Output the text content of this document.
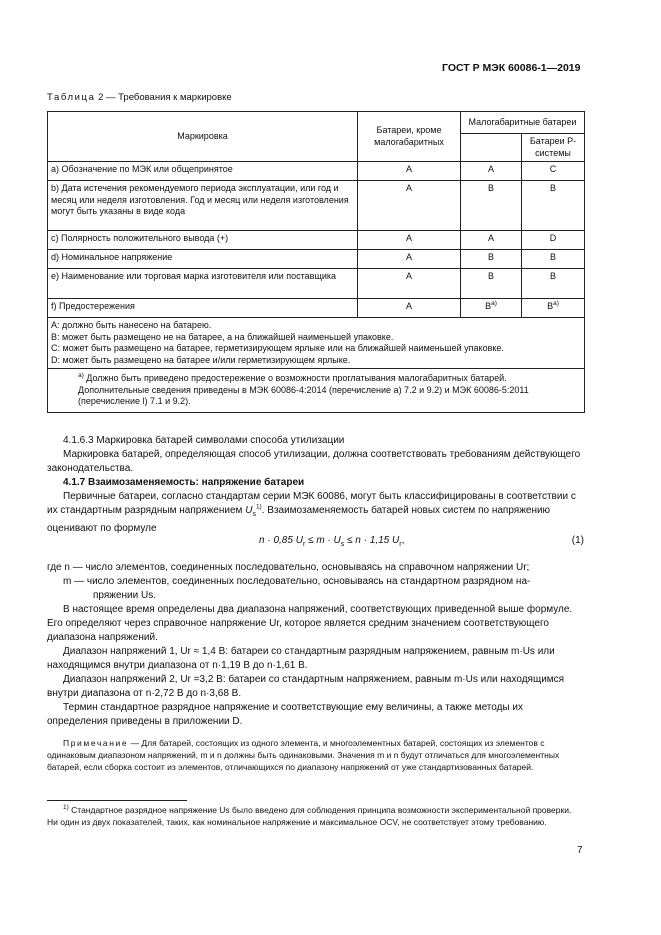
ГОСТ Р МЭК 60086-1—2019
Таблица 2 — Требования к маркировке
Маркировка	Батареи, кроме малогабаритных	Малогабаритные батареи	
			Батареи Р-системы
a) Обозначение по МЭК или общепринятое	A	A	C
b) Дата истечения рекомендуемого периода эксплуатации, или год и месяц или неделя изготовления. Год и месяц или неделя изготовления могут быть указаны в виде кода	A	B	B
c) Полярность положительного вывода (+)	A	A	D
d) Номинальное напряжение	A	B	B
e) Наименование или торговая марка изготовителя или поставщика	A	B	B
f) Предостережения	A	$B^{а)}$	$B^{а)}$

A: должно быть нанесено на батарею.

B: может быть размещено не на батарее, а на ближайшей наименьшей упаковке.

C: может быть размещено на батарее, герметизирующем ярлыке или на ближайшей наименьшей упаковке.

D: может быть размещено на батарее и/или герметизирующем ярлыке.			

$^{а)}$ Должно быть приведено предостережение о возможности проглатывания малогабаритных батарей. Дополнительные сведения приведены в МЭК 60086-4:2014 (перечисление а) 7.2 и 9.2) и МЭК 60086-5:2011 (перечисление l) 7.1 и 9.2).			

4.1.6.3 Маркировка батарей символами способа утилизации

Маркировка батарей, определяющая способ утилизации, должна соответствовать требованиям действующего законодательства.

4.1.7 Взаимозаменяемость: напряжение батареи

Первичные батареи, согласно стандартам серии МЭК 60086, могут быть классифицированы в соответствии с их стандартным разрядным напряжением $U_s^{1)}$. Взаимозаменяемость батарей новых систем по напряжению оценивают по формуле

n · 0,85 $U_r \le m \cdot U_s \le n \cdot 1,15$ $U_r$,	(1)

где n — число элементов, соединенных последовательно, основываясь на справочном напряжении Ur;

m — число элементов, соединенных последовательно, основываясь на стандартном разрядном на-

пряжении Us.

В настоящее время определены два диапазона напряжений, соответствующих приведенной выше формуле. Его определяют через справочное напряжение Ur, которое является средним значением соответствующего диапазона напряжений.

Диапазон напряжений 1, Ur ≈ 1,4 В: батареи со стандартным разрядным напряжением, равным m·Us или находящимся внутри диапазона от n·1,19 В до n·1,61 В.

Диапазон напряжений 2, Ur =3,2 В: батареи со стандартным напряжением, равным m·Us или находящимся внутри диапазона от n·2,72 В до n·3,68 В.

Термин стандартное разрядное напряжение и соответствующие ему величины, а также методы их определения приведены в приложении D.

Примечание — Для батарей, состоящих из одного элемента, и многоэлементных батарей, состоящих из элементов с одинаковым диапазоном напряжений, m и n должны быть одинаковыми. Значения m и n будут отличаться для многоэлементных батарей, если сборка состоит из элементов, отличающихся по диапазону напряжений от уже стандартизованных батарей.

$^{1)}$ Стандартное разрядное напряжение Us было введено для соблюдения принципа возможности экспериментальной проверки. Ни один из двух показателей, таких, как номинальное напряжение и максимальное OCV, не соответствует этому требованию.
7
